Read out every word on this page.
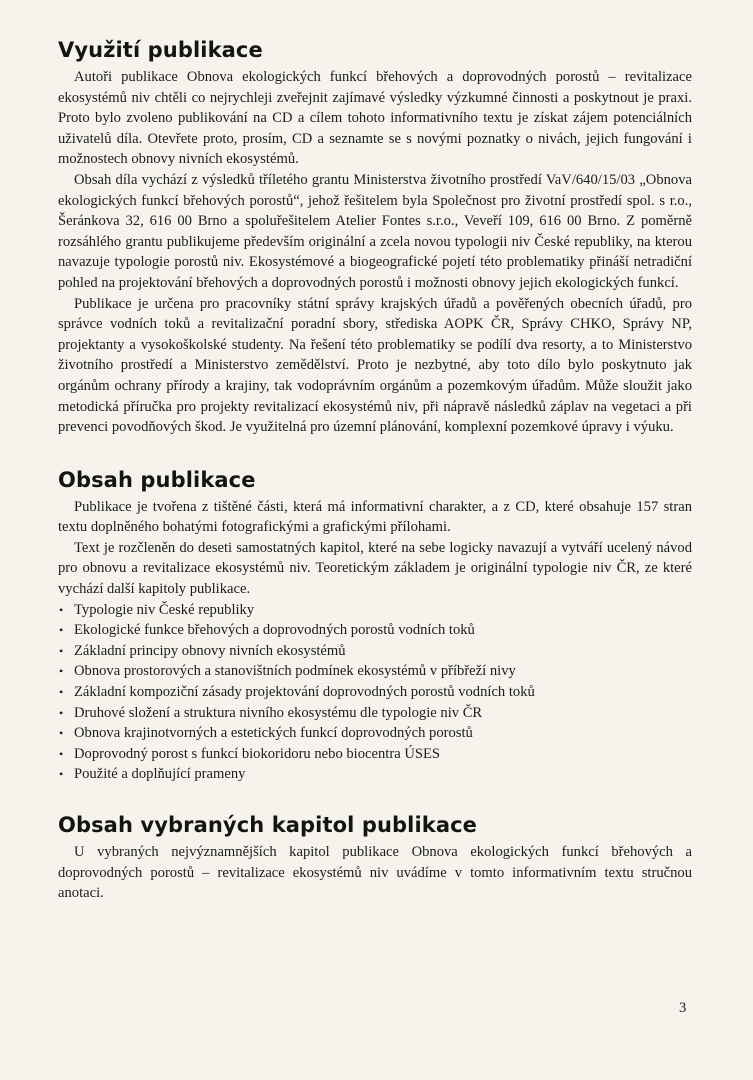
Využití publikace

Autoři publikace Obnova ekologických funkcí břehových a doprovodných porostů – revitalizace ekosystémů niv chtěli co nejrychleji zveřejnit zajímavé výsledky výzkumné činnosti a poskytnout je praxi. Proto bylo zvoleno publikování na CD a cílem tohoto informativního textu je získat zájem potenciálních uživatelů díla. Otevřete proto, prosím, CD a seznamte se s novými poznatky o nivách, jejich fungování i možnostech obnovy nivních ekosystémů.

Obsah díla vychází z výsledků tříletého grantu Ministerstva životního prostředí VaV/640/15/03 „Obnova ekologických funkcí břehových porostů“, jehož řešitelem byla Společnost pro životní prostředí spol. s r.o., Šeránkova 32, 616 00 Brno a spoluřešitelem Atelier Fontes s.r.o., Veveří 109, 616 00 Brno. Z poměrně rozsáhlého grantu publikujeme především originální a zcela novou typologii niv České republiky, na kterou navazuje typologie porostů niv. Ekosystémové a biogeografické pojetí této problematiky přináší netradiční pohled na projektování břehových a doprovodných porostů i možnosti obnovy jejich ekologických funkcí.

Publikace je určena pro pracovníky státní správy krajských úřadů a pověřených obecních úřadů, pro správce vodních toků a revitalizační poradní sbory, střediska AOPK ČR, Správy CHKO, Správy NP, projektanty a vysokoškolské studenty. Na řešení této problematiky se podílí dva resorty, a to Ministerstvo životního prostředí a Ministerstvo zemědělství. Proto je nezbytné, aby toto dílo bylo poskytnuto jak orgánům ochrany přírody a krajiny, tak vodoprávním orgánům a pozemkovým úřadům. Může sloužit jako metodická příručka pro projekty revitalizací ekosystémů niv, při nápravě následků záplav na vegetaci a při prevenci povodňových škod. Je využitelná pro územní plánování, komplexní pozemkové úpravy i výuku.

Obsah publikace

Publikace je tvořena z tištěné části, která má informativní charakter, a z CD, které obsahuje 157 stran textu doplněného bohatými fotografickými a grafickými přílohami.

Text je rozčleněn do deseti samostatných kapitol, které na sebe logicky navazují a vytváří ucelený návod pro obnovu a revitalizace ekosystémů niv. Teoretickým základem je originální typologie niv ČR, ze které vychází další kapitoly publikace.

• Typologie niv České republiky
• Ekologické funkce břehových a doprovodných porostů vodních toků
• Základní principy obnovy nivních ekosystémů
• Obnova prostorových a stanovištních podmínek ekosystémů v příbřeží nivy
• Základní kompoziční zásady projektování doprovodných porostů vodních toků
• Druhové složení a struktura nivního ekosystému dle typologie niv ČR
• Obnova krajinotvorných a estetických funkcí doprovodných porostů
• Doprovodný porost s funkcí biokoridoru nebo biocentra ÚSES
• Použité a doplňující prameny
Obsah vybraných kapitol publikace

U vybraných nejvýznamnějších kapitol publikace Obnova ekologických funkcí břehových a doprovodných porostů – revitalizace ekosystémů niv uvádíme v tomto informativním textu stručnou anotaci.

3
